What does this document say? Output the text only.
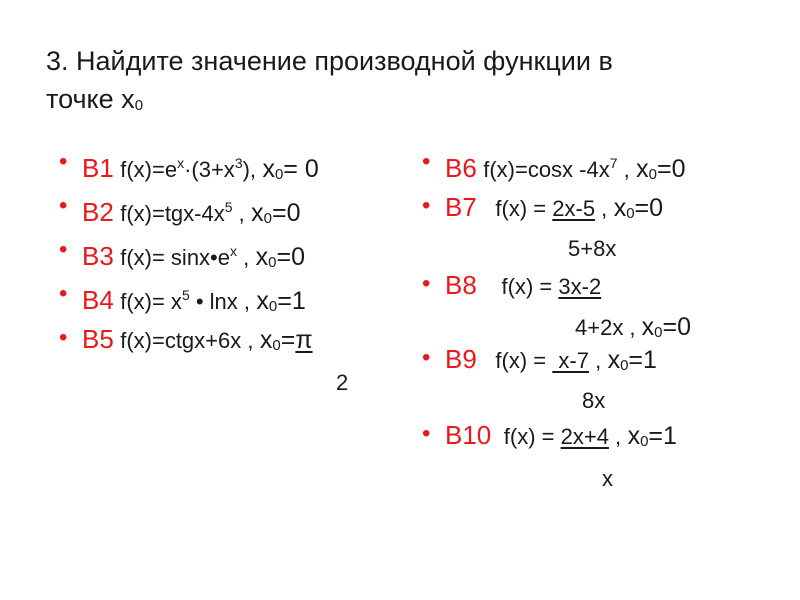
3. Найдите значение производной функции в
точке x0
• В1 $f(x)=e^x\cdot(3+x^3)$, x0= 0
• В2 $f(x)=tgx-4x^5$ , x0=0
• В3 $f(x)= \sin x•e^x$ , x0=0
• В4 $f(x)= x^5$ • lnx , x0=1
• В5 f(x)=ctgx+6x , x0=π
2
• В6 f(x)=cosx $-4x^7$ , x0=0
• В7   f(x) = 2x-5 , x0=0
5+8x
• В8    f(x) = 3x-2
4+2x , x0=0
• В9   f(x) =  x-7 , x0=1
8x
• В10  f(x) = 2x+4 , x0=1
x
